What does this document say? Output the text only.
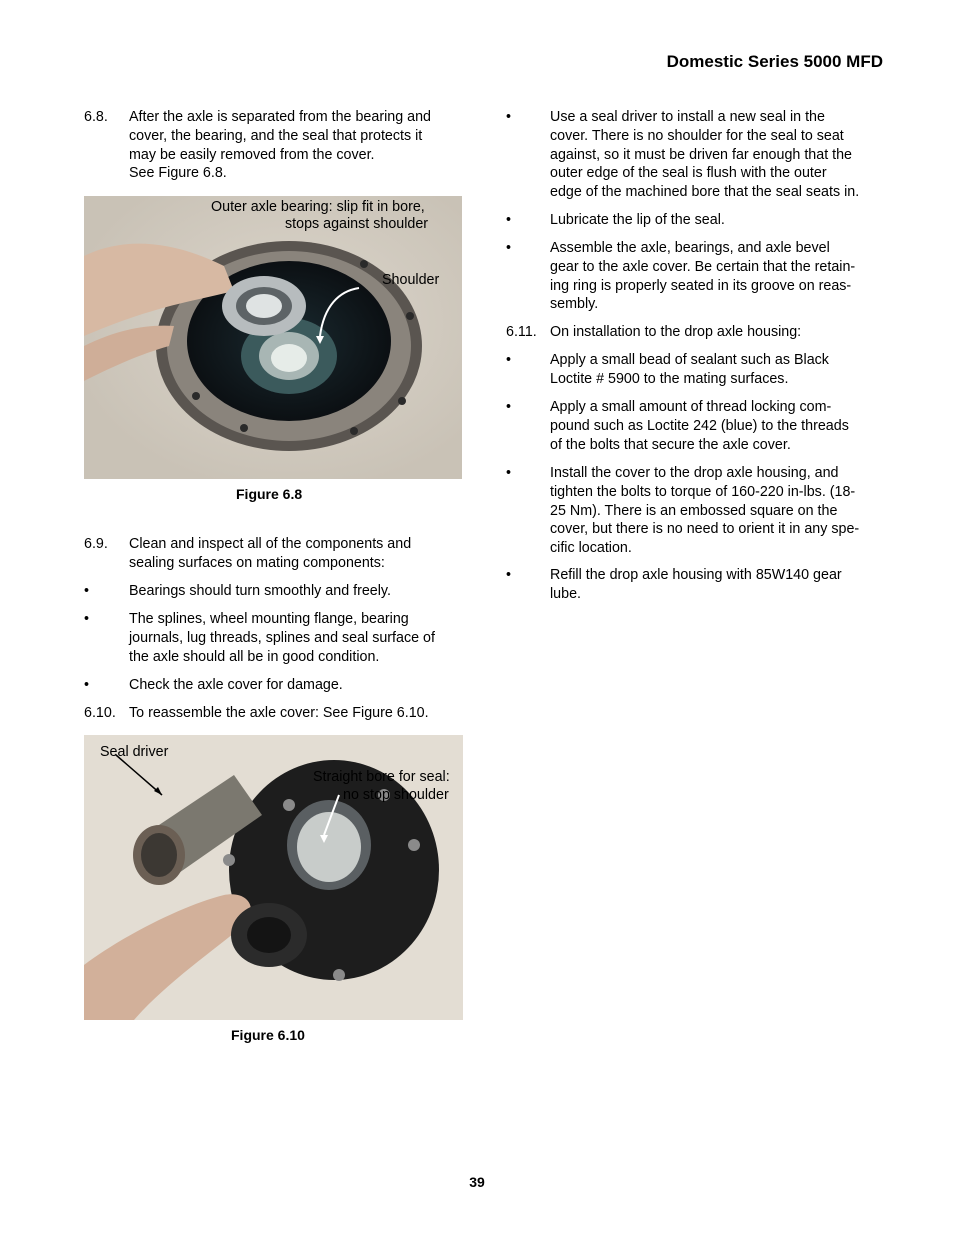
Domestic Series 5000 MFD
6.8. After the axle is separated from the bearing and
cover, the bearing, and the seal that protects it
may be easily removed from the cover.
See Figure 6.8.
Outer axle bearing: slip fit in bore,
stops against shoulder
Shoulder
Figure 6.8
6.9. Clean and inspect all of the components and
sealing surfaces on mating components:
•	Bearings should turn smoothly and freely.
•	The splines, wheel mounting flange, bearing
journals, lug threads, splines and seal surface of
the axle should all be in good condition.
•	Check the axle cover for damage.
6.10. To reassemble the axle cover: See Figure 6.10.
Seal driver
Straight bore for seal:
no stop shoulder
Figure 6.10
•	Use a seal driver to install a new seal in the
cover. There is no shoulder for the seal to seat
against, so it must be driven far enough that the
outer edge of the seal is flush with the outer
edge of the machined bore that the seal seats in.
•	Lubricate the lip of the seal.
•	Assemble the axle, bearings, and axle bevel
gear to the axle cover. Be certain that the retain-
ing ring is properly seated in its groove on reas-
sembly.
6.11. On installation to the drop axle housing:
•	Apply a small bead of sealant such as Black
Loctite # 5900 to the mating surfaces.
•	Apply a small amount of thread locking com-
pound such as Loctite 242 (blue) to the threads
of the bolts that secure the axle cover.
•	Install the cover to the drop axle housing, and
tighten the bolts to torque of 160-220 in-lbs. (18-
25 Nm). There is an embossed square on the
cover, but there is no need to orient it in any spe-
cific location.
•	Refill the drop axle housing with 85W140 gear
lube.
39
